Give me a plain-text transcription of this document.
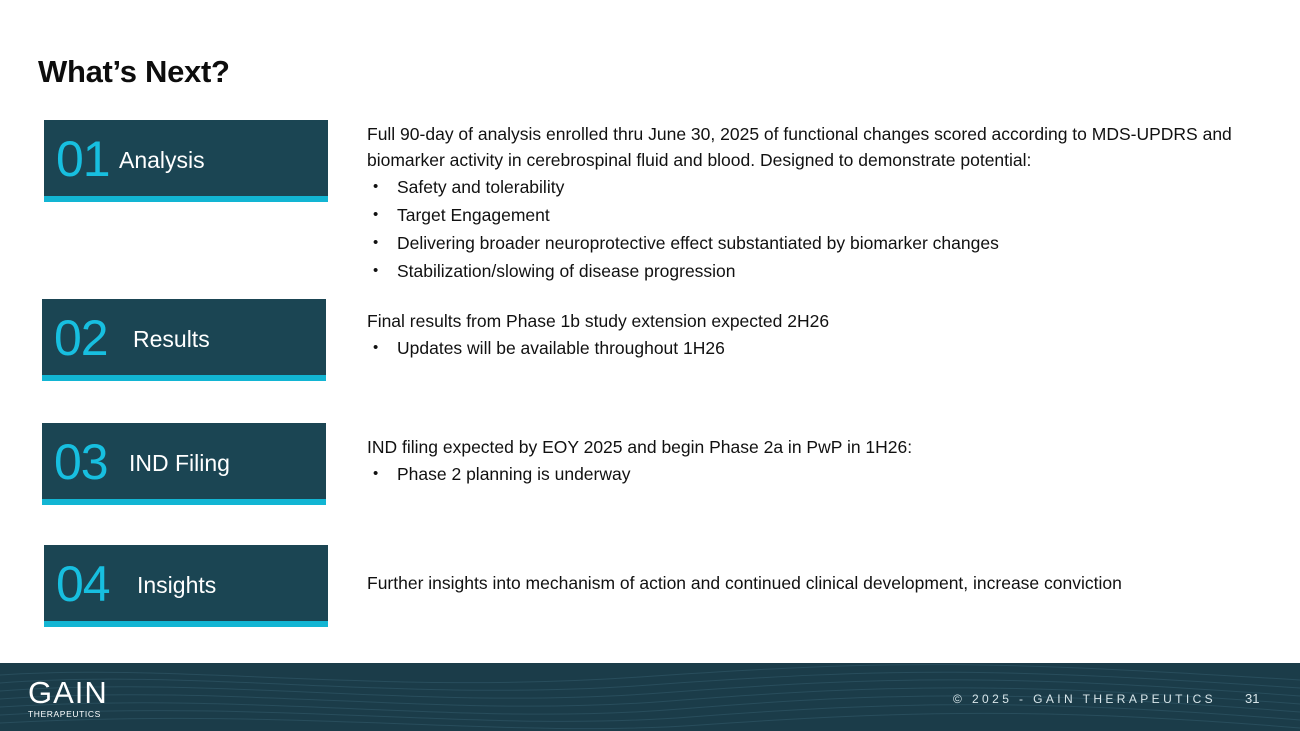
What’s Next?
01 Analysis

Full 90-day of analysis enrolled thru June 30, 2025 of functional changes scored according to MDS-UPDRS and biomarker activity in cerebrospinal fluid and blood. Designed to demonstrate potential:

• Safety and tolerability
• Target Engagement
• Delivering broader neuroprotective effect substantiated by biomarker changes
• Stabilization/slowing of disease progression
02 Results

Final results from Phase 1b study extension expected 2H26

• Updates will be available throughout 1H26
03 IND Filing

IND filing expected by EOY 2025 and begin Phase 2a in PwP in 1H26:

• Phase 2 planning is underway
04 Insights	Further insights into mechanism of action and continued clinical development, increase conviction

GAIN
THERAPEUTICS
© 2025 - GAIN THERAPEUTICS 31
